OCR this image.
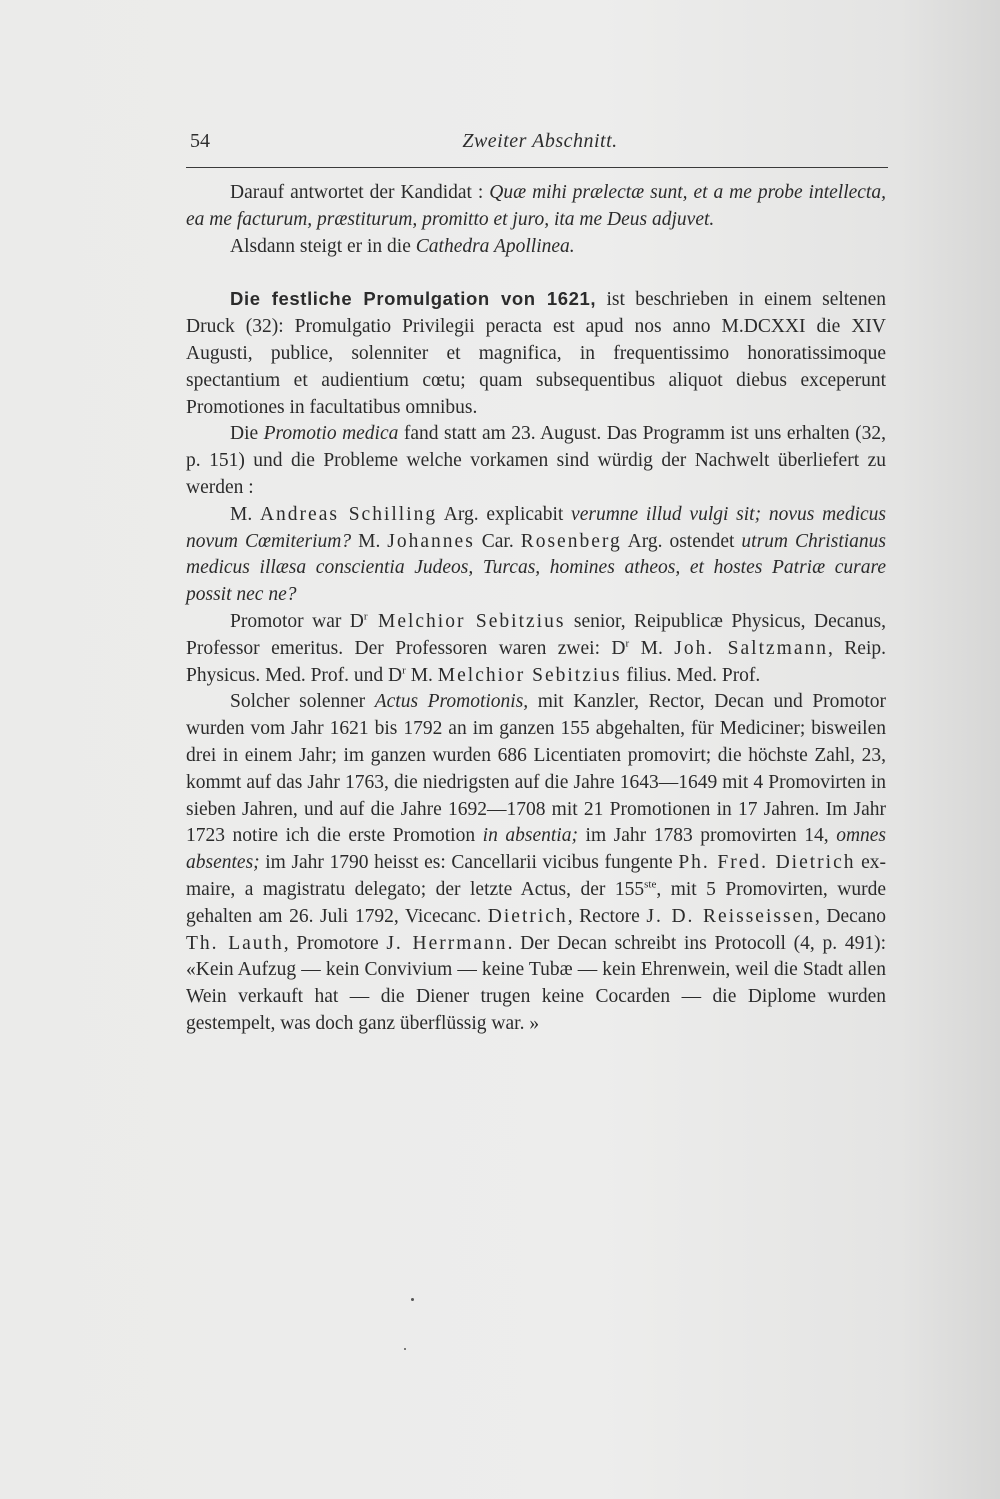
54	Zweiter Abschnitt.

Darauf antwortet der Kandidat : Quæ mihi prælectæ sunt, et a me probe intellecta, ea me facturum, præstiturum, promitto et juro, ita me Deus adjuvet.

Alsdann steigt er in die Cathedra Apollinea.

Die festliche Promulgation von 1621, ist beschrieben in einem seltenen Druck (32): Promulgatio Privilegii peracta est apud nos anno M.DCXXI die XIV Augusti, publice, solenniter et magnifica, in frequentissimo honoratissimoque spectantium et audientium cœtu; quam subsequentibus aliquot diebus exceperunt Promotiones in facultatibus omnibus.

Die Promotio medica fand statt am 23. August. Das Programm ist uns erhalten (32, p. 151) und die Probleme welche vorkamen sind würdig der Nachwelt überliefert zu werden :

M. Andreas Schilling Arg. explicabit verumne illud vulgi sit; novus medicus novum Cœmiterium? M. Johannes Car. Rosenberg Arg. ostendet utrum Christianus medicus illæsa conscientia Judeos, Turcas, homines atheos, et hostes Patriæ curare possit nec ne?

Promotor war $D^r$ Melchior Sebitzius senior, Reipublicæ Physicus, Decanus, Professor emeritus. Der Professoren waren zwei: $D^r$ M. Joh. Saltzmann, Reip. Physicus. Med. Prof. und $D^r$ M. Melchior Sebitzius filius. Med. Prof.

Solcher solenner Actus Promotionis, mit Kanzler, Rector, Decan und Promotor wurden vom Jahr 1621 bis 1792 an im ganzen 155 abgehalten, für Mediciner; bisweilen drei in einem Jahr; im ganzen wurden 686 Licentiaten promovirt; die höchste Zahl, 23, kommt auf das Jahr 1763, die niedrigsten auf die Jahre 1643—1649 mit 4 Promovirten in sieben Jahren, und auf die Jahre 1692—1708 mit 21 Promotionen in 17 Jahren. Im Jahr 1723 notire ich die erste Promotion in absentia; im Jahr 1783 promovirten 14, omnes absentes; im Jahr 1790 heisst es: Cancellarii vicibus fungente Ph. Fred. Dietrich ex-maire, a magistratu delegato; der letzte Actus, der 155ste, mit 5 Promovirten, wurde gehalten am 26. Juli 1792, Vicecanc. Dietrich, Rectore J. D. Reisseissen, Decano Th. Lauth, Promotore J. Herrmann. Der Decan schreibt ins Protocoll (4, p. 491): «Kein Aufzug — kein Convivium — keine Tubæ — kein Ehrenwein, weil die Stadt allen Wein verkauft hat — die Diener trugen keine Cocarden — die Diplome wurden gestempelt, was doch ganz überflüssig war. »
